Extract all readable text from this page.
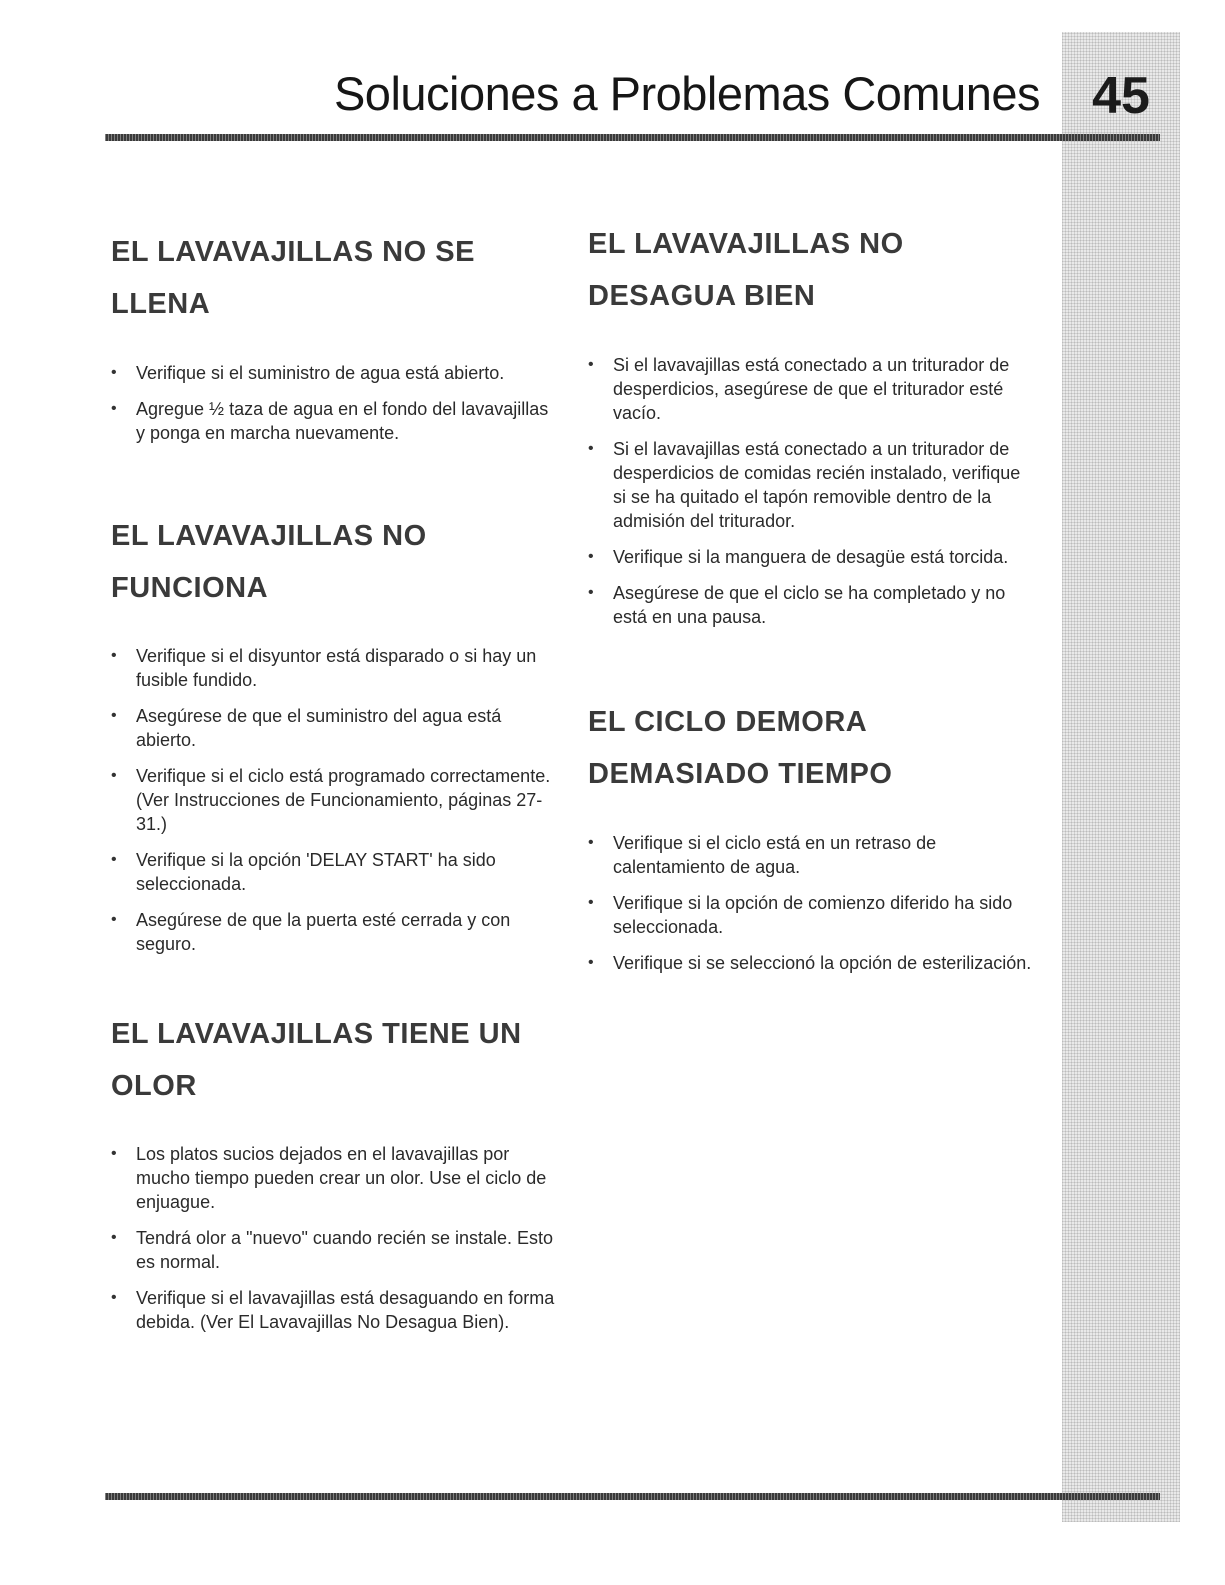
Soluciones a Problemas Comunes	45
EL LAVAVAJILLAS NO SE
LLENA
• Verifique si el suministro de agua está abierto.
• Agregue ½ taza de agua en el fondo del lavavajillas y ponga en marcha nuevamente.
EL LAVAVAJILLAS NO
FUNCIONA
• Verifique si el disyuntor está disparado o si hay un fusible fundido.
• Asegúrese de que el suministro del agua está abierto.
• Verifique si el ciclo está programado correctamente. (Ver Instrucciones de Funcionamiento, páginas 27-31.)
• Verifique si la opción 'DELAY START' ha sido seleccionada.
• Asegúrese de que la puerta esté cerrada y con seguro.
EL LAVAVAJILLAS TIENE UN
OLOR
• Los platos sucios dejados en el lavavajillas por mucho tiempo pueden crear un olor. Use el ciclo de enjuague.
• Tendrá olor a "nuevo" cuando recién se instale. Esto es normal.
• Verifique si el lavavajillas está desaguando en forma debida. (Ver El Lavavajillas No Desagua Bien).
EL LAVAVAJILLAS NO
DESAGUA BIEN
• Si el lavavajillas está conectado a un triturador de desperdicios, asegúrese de que el triturador esté vacío.
• Si el lavavajillas está conectado a un triturador de desperdicios de comidas recién instalado, verifique si se ha quitado el tapón removible dentro de la admisión del triturador.
• Verifique si la manguera de desagüe está torcida.
• Asegúrese de que el ciclo se ha completado y no está en una pausa.
EL CICLO DEMORA
DEMASIADO TIEMPO
• Verifique si el ciclo está en un retraso de calentamiento de agua.
• Verifique si la opción de comienzo diferido ha sido seleccionada.
• Verifique si se seleccionó la opción de esterilización.
